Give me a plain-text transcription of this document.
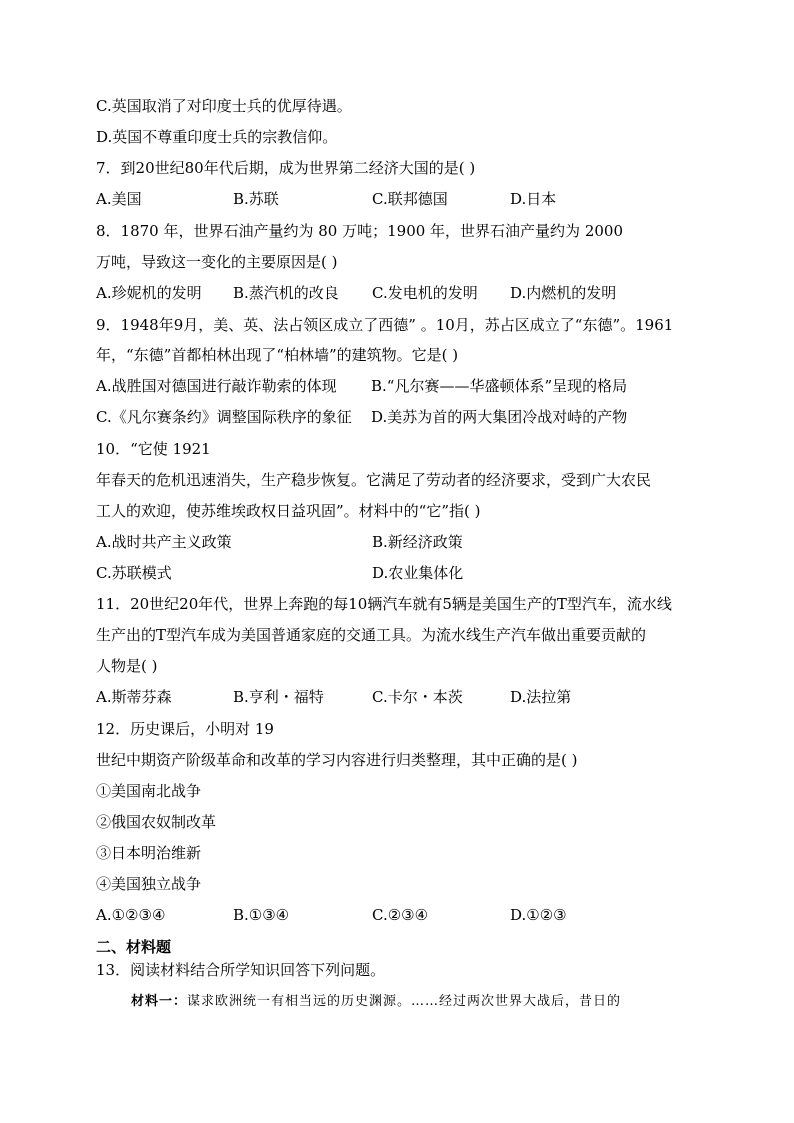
C.英国取消了对印度士兵的优厚待遇。
D.英国不尊重印度士兵的宗教信仰。
7．到20世纪80年代后期，成为世界第二经济大国的是( )
A.美国	B.苏联	C.联邦德国	D.日本
8．1870 年，世界石油产量约为 80 万吨；1900 年，世界石油产量约为 2000
万吨，导致这一变化的主要原因是( )
A.珍妮机的发明 B.蒸汽机的改良 C.发电机的发明 D.内燃机的发明
9．1948年9月，美、英、法占领区成立了西德” 。10月，苏占区成立了“东德”。1961
年，“东德”首都柏林出现了“柏林墙”的建筑物。它是( )
A.战胜国对德国进行敲诈勒索的体现 B.“凡尔赛——华盛顿体系”呈现的格局
C.《凡尔赛条约》调整国际秩序的象征 D.美苏为首的两大集团冷战对峙的产物
10．“它使 1921
年春天的危机迅速消失，生产稳步恢复。它满足了劳动者的经济要求，受到广大农民
工人的欢迎，使苏维埃政权日益巩固”。材料中的“它”指( )
A.战时共产主义政策	B.新经济政策
C.苏联模式	D.农业集体化
11．20世纪20年代，世界上奔跑的每10辆汽车就有5辆是美国生产的T型汽车，流水线
生产出的T型汽车成为美国普通家庭的交通工具。为流水线生产汽车做出重要贡献的
人物是( )
A.斯蒂芬森	B.亨利・福特	C.卡尔・本茨	D.法拉第
12．历史课后，小明对 19
世纪中期资产阶级革命和改革的学习内容进行归类整理，其中正确的是( )
①美国南北战争
②俄国农奴制改革
③日本明治维新
④美国独立战争
A.①②③④	B.①③④	C.②③④	D.①②③
二、材料题
13．阅读材料结合所学知识回答下列问题。
材料一：谋求欧洲统一有相当远的历史渊源。……经过两次世界大战后，昔日的
